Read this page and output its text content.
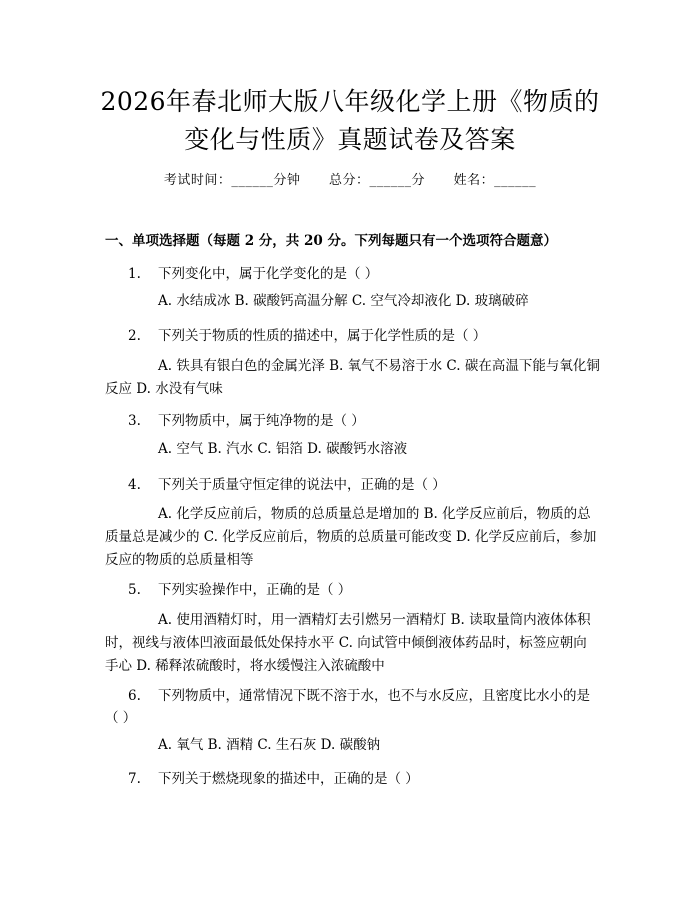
2026年春北师大版八年级化学上册《物质的
变化与性质》真题试卷及答案
考试时间：______分钟 总分：______分 姓名：______
一、单项选择题（每题 2 分，共 20 分。下列每题只有一个选项符合题意）
1. 下列变化中，属于化学变化的是（ ）
A. 水结成冰 B. 碳酸钙高温分解 C. 空气冷却液化 D. 玻璃破碎
2. 下列关于物质的性质的描述中，属于化学性质的是（ ）
A. 铁具有银白色的金属光泽 B. 氧气不易溶于水 C. 碳在高温下能与氧化铜反应 D. 水没有气味
3. 下列物质中，属于纯净物的是（ ）
A. 空气 B. 汽水 C. 铝箔 D. 碳酸钙水溶液
4. 下列关于质量守恒定律的说法中，正确的是（ ）
A. 化学反应前后，物质的总质量总是增加的 B. 化学反应前后，物质的总质量总是减少的 C. 化学反应前后，物质的总质量可能改变 D. 化学反应前后，参加反应的物质的总质量相等
5. 下列实验操作中，正确的是（ ）
A. 使用酒精灯时，用一酒精灯去引燃另一酒精灯 B. 读取量筒内液体体积时，视线与液体凹液面最低处保持水平 C. 向试管中倾倒液体药品时，标签应朝向手心 D. 稀释浓硫酸时，将水缓慢注入浓硫酸中
6. 下列物质中，通常情况下既不溶于水，也不与水反应，且密度比水小的是
（ ）
A. 氧气 B. 酒精 C. 生石灰 D. 碳酸钠
7. 下列关于燃烧现象的描述中，正确的是（ ）
